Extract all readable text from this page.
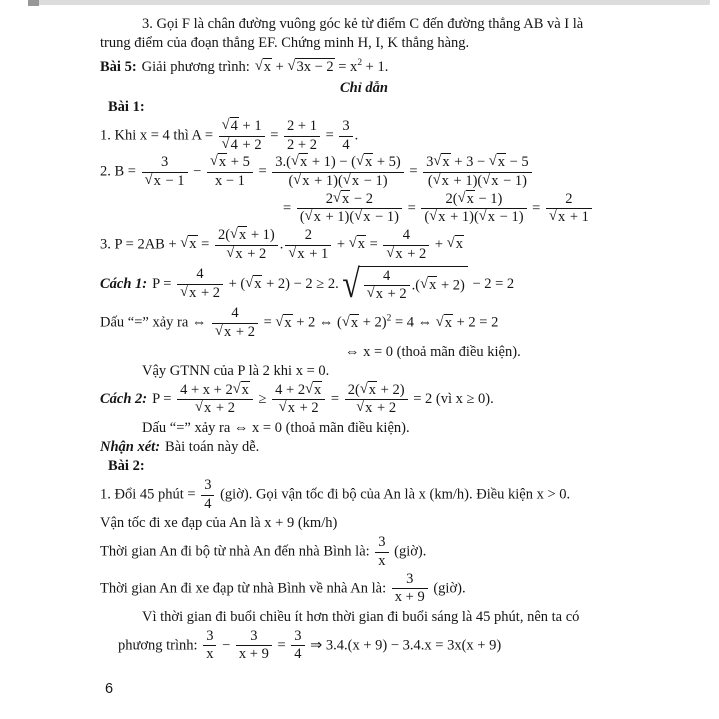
3. Gọi F là chân đường vuông góc kẻ từ điểm C đến đường thẳng AB và I là
trung điểm của đoạn thẳng EF. Chứng minh H, I, K thẳng hàng.
Bài 5: Giải phương trình: $√x + √3x - 2 = x^2 + 1$.
Chỉ dẫn
Bài 1:
1. Khi x = 4 thì $A = \frac{√4 + 1}{√4 + 2} = \frac{2 + 1}{2 + 2} = \frac{3}{4}$ .
2. $B = \frac{3}{√x - 1} - \frac{√x + 5}{x - 1} = \frac{3.(√x + 1) - (√x + 5)}{(√x + 1)(√x - 1)} = \frac{3√x + 3 - √x - 5}{(√x + 1)(√x - 1)}$
= $\frac{2√x - 2}{(√x + 1)(√x - 1)} = \frac{2(√x - 1)}{(√x + 1)(√x - 1)} = \frac{2}{√x + 1}$
3. $P = 2AB + √x = \frac{2(√x + 1)}{√x + 2}$ . $\frac{2}{√x + 1} + √x = \frac{4}{√x + 2} + √x$
Cách 1: $P = \frac{4}{√x + 2} + (√x + 2) - 2 \ge 2$. √ $\frac{4}{√x + 2} .(√x + 2) - 2 = 2$
Dấu “=” xảy ra ⇔ $\frac{4}{√x + 2} = √x + 2$ ⇔ $(√x + 2)^2 = 4$ ⇔ √x + 2 = 2
⇔ x = 0 (thoả mãn điều kiện).
Vậy GTNN của P là 2 khi x = 0.
Cách 2: $P = \frac{4 + x + 2√x}{√x + 2} \ge \frac{4 + 2√x}{√x + 2} = \frac{2(√x + 2)}{√x + 2} = 2$ (vì x ≥ 0).
Dấu “=” xảy ra ⇔ x = 0 (thoả mãn điều kiện).
Nhận xét: Bài toán này dễ.
Bài 2:
1. Đổi 45 phút = $\frac{3}{4}$ (giờ). Gọi vận tốc đi bộ của An là x (km/h). Điều kiện x > 0.
Vận tốc đi xe đạp của An là x + 9 (km/h)
Thời gian An đi bộ từ nhà An đến nhà Bình là: $\frac{3}{x}$ (giờ).
Thời gian An đi xe đạp từ nhà Bình về nhà An là: $\frac{3}{x + 9}$ (giờ).
Vì thời gian đi buổi chiều ít hơn thời gian đi buổi sáng là 45 phút, nên ta có
phương trình: $\frac{3}{x} - \frac{3}{x + 9} = \frac{3}{4}$ ⇒ 3.4.(x + 9) − 3.4.x = 3x(x + 9)
6
